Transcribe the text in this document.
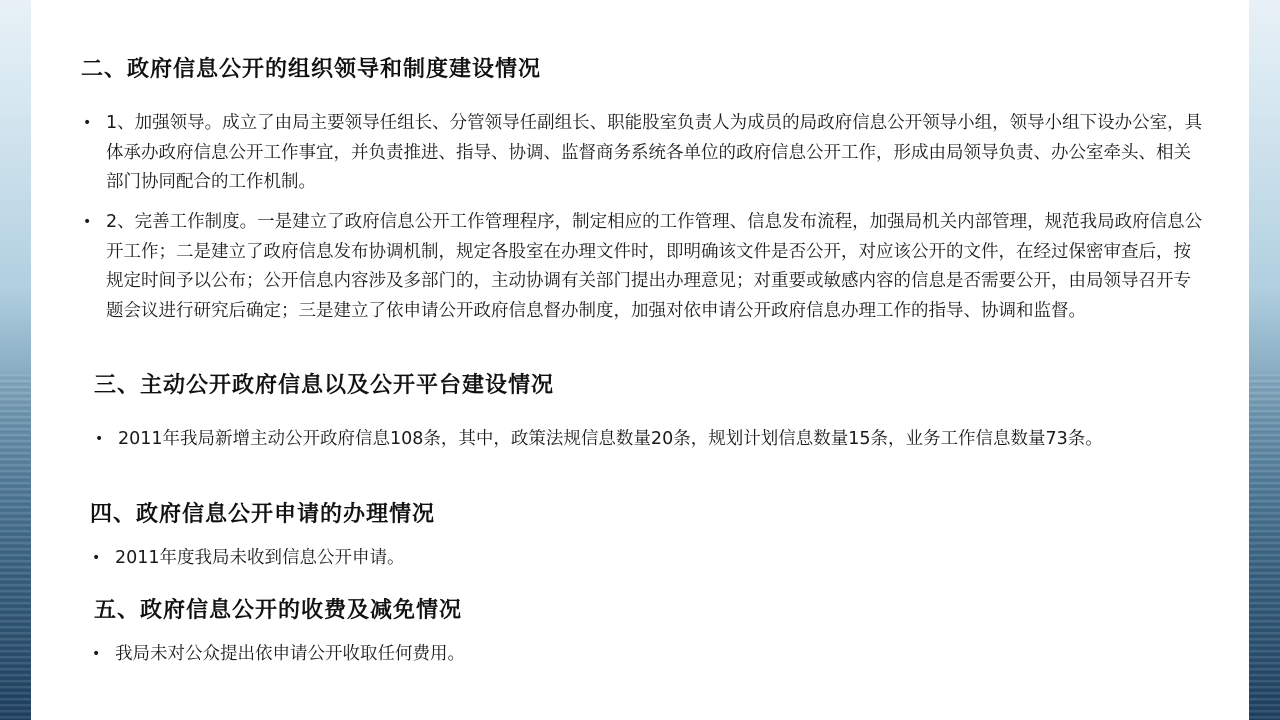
二、政府信息公开的组织领导和制度建设情况

• 1、加强领导。成立了由局主要领导任组长、分管领导任副组长、职能股室负责人为成员的局政府信息公开领导小组，领导小组下设办公室，具体承办政府信息公开工作事宜，并负责推进、指导、协调、监督商务系统各单位的政府信息公开工作，形成由局领导负责、办公室牵头、相关部门协同配合的工作机制。

• 2、完善工作制度。一是建立了政府信息公开工作管理程序，制定相应的工作管理、信息发布流程，加强局机关内部管理，规范我局政府信息公开工作；二是建立了政府信息发布协调机制，规定各股室在办理文件时，即明确该文件是否公开，对应该公开的文件，在经过保密审查后，按规定时间予以公布；公开信息内容涉及多部门的，主动协调有关部门提出办理意见；对重要或敏感内容的信息是否需要公开，由局领导召开专题会议进行研究后确定；三是建立了依申请公开政府信息督办制度，加强对依申请公开政府信息办理工作的指导、协调和监督。

三、主动公开政府信息以及公开平台建设情况

• 2011年我局新增主动公开政府信息108条，其中，政策法规信息数量20条，规划计划信息数量15条，业务工作信息数量73条。

四、政府信息公开申请的办理情况

• 2011年度我局未收到信息公开申请。

五、政府信息公开的收费及减免情况

• 我局未对公众提出依申请公开收取任何费用。
